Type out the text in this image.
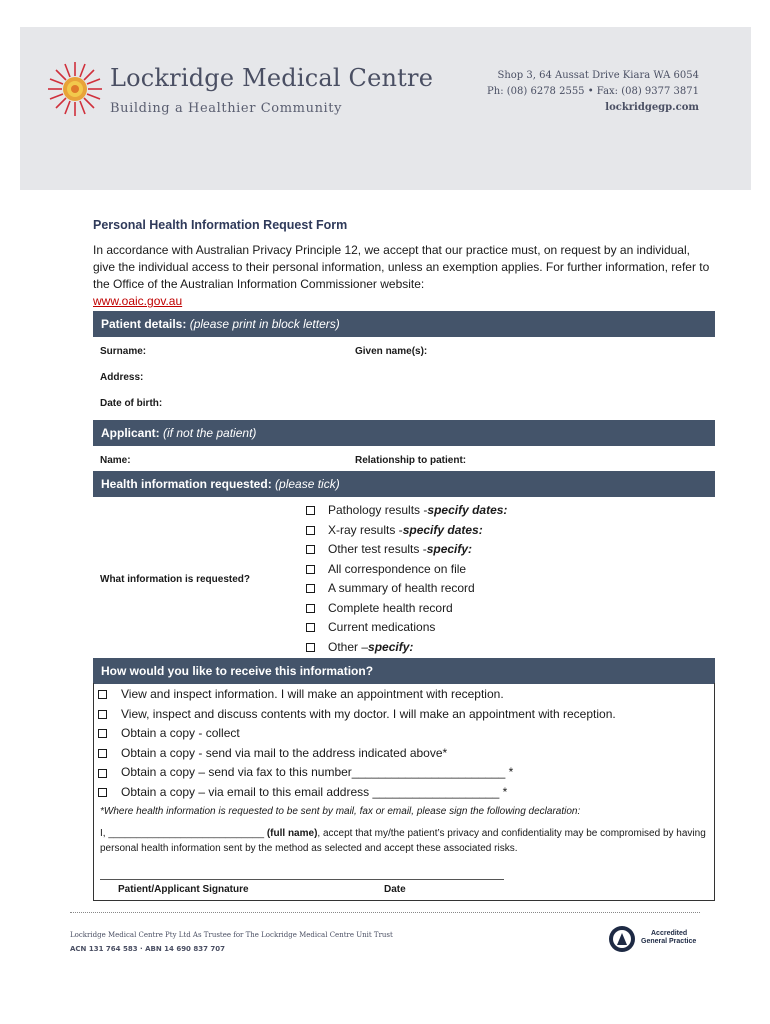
Lockridge Medical Centre
Building a Healthier Community
Shop 3, 64 Aussat Drive Kiara WA 6054
Ph: (08) 6278 2555 • Fax: (08) 9377 3871
lockridgegp.com
Personal Health Information Request Form
In accordance with Australian Privacy Principle 12, we accept that our practice must, on request by an individual, give the individual access to their personal information, unless an exemption applies. For further information, refer to the Office of the Australian Information Commissioner website:
www.oaic.gov.au
Patient details: (please print in block letters)
Surname:	Given name(s):
Address:
Date of birth:
Applicant: (if not the patient)
Name:	Relationship to patient:
Health information requested: (please tick)
What information is requested?
Pathology results - specify dates:
X-ray results - specify dates:
Other test results - specify:
All correspondence on file
A summary of health record
Complete health record
Current medications
Other – specify:
How would you like to receive this information?
View and inspect information. I will make an appointment with reception.
View, inspect and discuss contents with my doctor. I will make an appointment with reception.
Obtain a copy - collect
Obtain a copy - send via mail to the address indicated above*
Obtain a copy – send via fax to this number_______________________ *
Obtain a copy – via email to this email address ___________________ *
*Where health information is requested to be sent by mail, fax or email, please sign the following declaration:
I, ____________________________ (full name), accept that my/the patient’s privacy and confidentiality may be compromised by having personal health information sent by the method as selected and accept these associated risks.
Patient/Applicant Signature	Date
Lockridge Medical Centre Pty Ltd As Trustee for The Lockridge Medical Centre Unit Trust
ACN 131 764 583 · ABN 14 690 837 707
Accredited
General Practice
